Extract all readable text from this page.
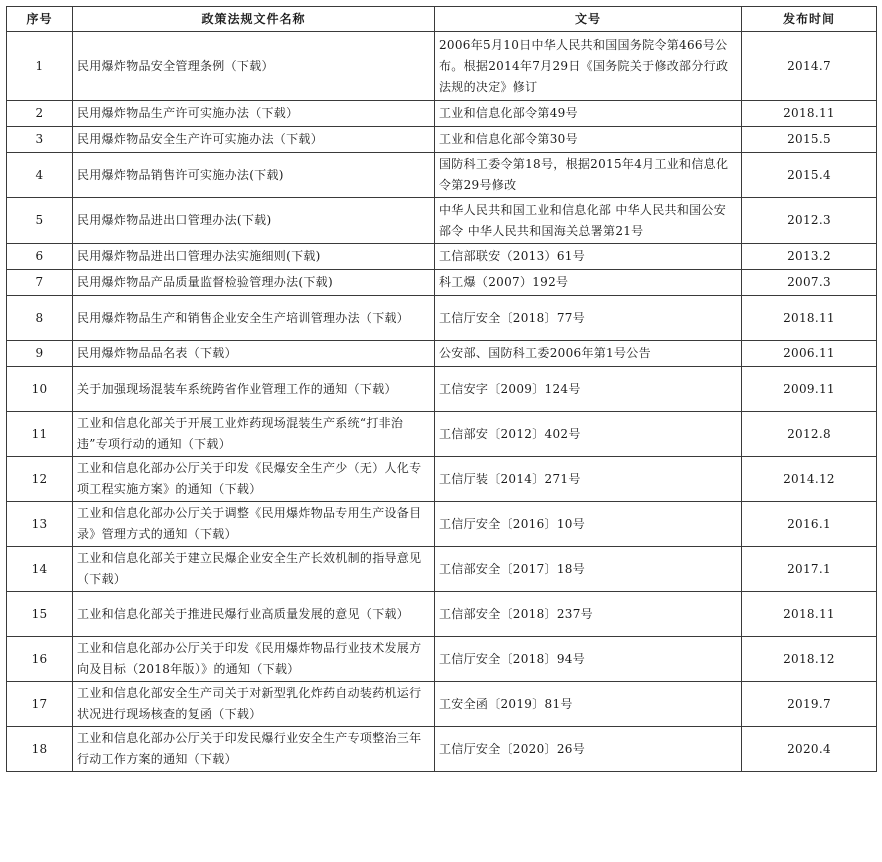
序号	政策法规文件名称	文号	发布时间
1	民用爆炸物品安全管理条例（下载）	2006年5月10日中华人民共和国国务院令第466号公布。根据2014年7月29日《国务院关于修改部分行政法规的决定》修订	2014.7
2	民用爆炸物品生产许可实施办法（下载）	工业和信息化部令第49号	2018.11
3	民用爆炸物品安全生产许可实施办法（下载）	工业和信息化部令第30号	2015.5
4	民用爆炸物品销售许可实施办法(下载)	国防科工委令第18号，根据2015年4月工业和信息化令第29号修改	2015.4
5	民用爆炸物品进出口管理办法(下载)	中华人民共和国工业和信息化部 中华人民共和国公安部令 中华人民共和国海关总署第21号	2012.3
6	民用爆炸物品进出口管理办法实施细则(下载)	工信部联安（2013）61号	2013.2
7	民用爆炸物品产品质量监督检验管理办法(下载)	科工爆（2007）192号	2007.3
8	民用爆炸物品生产和销售企业安全生产培训管理办法（下载）	工信厅安全〔2018〕77号	2018.11
9	民用爆炸物品品名表（下载）	公安部、国防科工委2006年第1号公告	2006.11
10	关于加强现场混装车系统跨省作业管理工作的通知（下载）	工信安字〔2009〕124号	2009.11
11	工业和信息化部关于开展工业炸药现场混装生产系统“打非治违”专项行动的通知（下载）	工信部安〔2012〕402号	2012.8
12	工业和信息化部办公厅关于印发《民爆安全生产少（无）人化专项工程实施方案》的通知（下载）	工信厅装〔2014〕271号	2014.12
13	工业和信息化部办公厅关于调整《民用爆炸物品专用生产设备目录》管理方式的通知（下载）	工信厅安全〔2016〕10号	2016.1
14	工业和信息化部关于建立民爆企业安全生产长效机制的指导意见（下载）	工信部安全〔2017〕18号	2017.1
15	工业和信息化部关于推进民爆行业高质量发展的意见（下载）	工信部安全〔2018〕237号	2018.11
16	工业和信息化部办公厅关于印发《民用爆炸物品行业技术发展方向及目标（2018年版）》的通知（下载）	工信厅安全〔2018〕94号	2018.12
17	工业和信息化部安全生产司关于对新型乳化炸药自动装药机运行状况进行现场核查的复函（下载）	工安全函〔2019〕81号	2019.7
18	工业和信息化部办公厅关于印发民爆行业安全生产专项整治三年行动工作方案的通知（下载）	工信厅安全〔2020〕26号	2020.4
